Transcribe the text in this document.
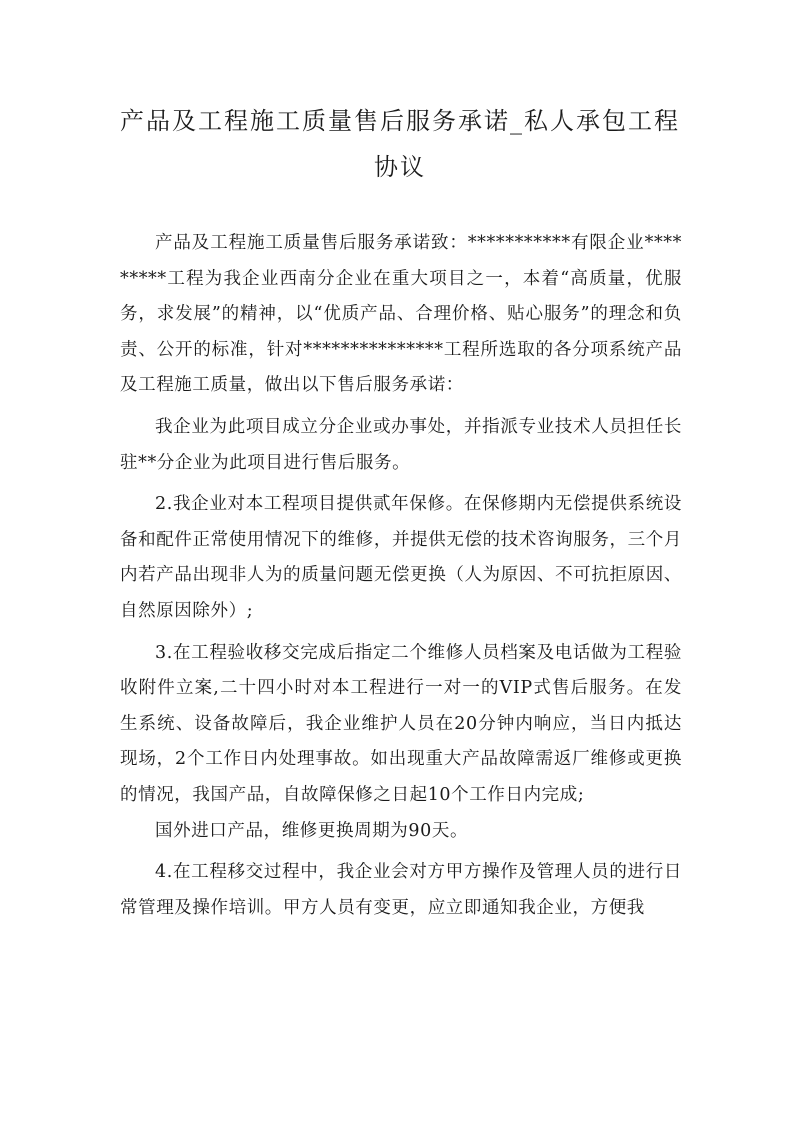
产品及工程施工质量售后服务承诺_私人承包工程协议

产品及工程施工质量售后服务承诺致：***********有限企业*********工程为我企业西南分企业在重大项目之一，本着“高质量，优服务，求发展”的精神，以“优质产品、合理价格、贴心服务”的理念和负责、公开的标准，针对***************工程所选取的各分项系统产品及工程施工质量，做出以下售后服务承诺：

我企业为此项目成立分企业或办事处，并指派专业技术人员担任长驻**分企业为此项目进行售后服务。

2.我企业对本工程项目提供贰年保修。在保修期内无偿提供系统设备和配件正常使用情况下的维修，并提供无偿的技术咨询服务，三个月内若产品出现非人为的质量问题无偿更换（人为原因、不可抗拒原因、自然原因除外）;

3.在工程验收移交完成后指定二个维修人员档案及电话做为工程验收附件立案,二十四小时对本工程进行一对一的VIP式售后服务。在发生系统、设备故障后，我企业维护人员在20分钟内响应，当日内抵达现场，2个工作日内处理事故。如出现重大产品故障需返厂维修或更换的情况，我国产品，自故障保修之日起10个工作日内完成;

国外进口产品，维修更换周期为90天。

4.在工程移交过程中，我企业会对方甲方操作及管理人员的进行日常管理及操作培训。甲方人员有变更，应立即通知我企业，方便我
